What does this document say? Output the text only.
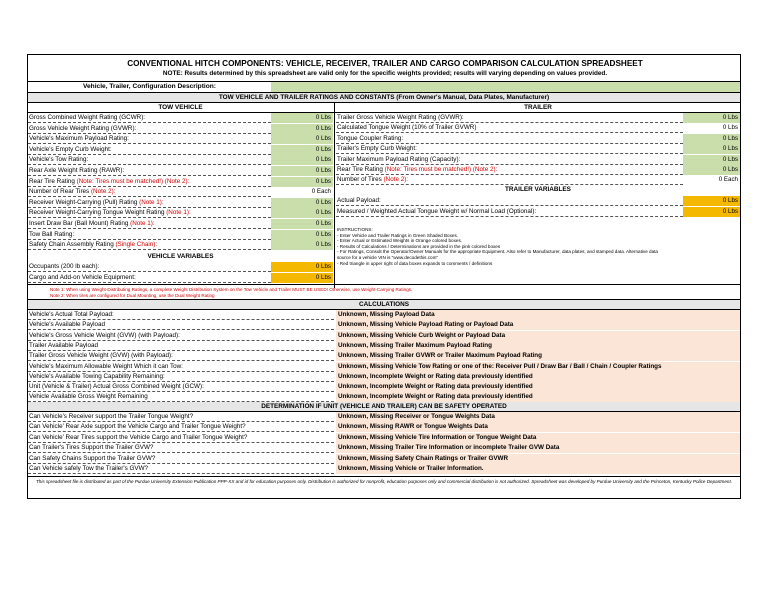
CONVENTIONAL HITCH COMPONENTS: VEHICLE, RECEIVER, TRAILER AND CARGO COMPARISON CALCULATION SPREADSHEET
NOTE: Results determined by this spreadsheet are valid only for the specific weights provided; results will varying depending on values provided.
Vehicle, Trailer, Configuration Description:
TOW VEHICLE AND TRAILER RATINGS AND CONSTANTS (From Owner's Manual, Data Plates, Manufacturer)
TOW VEHICLE	TRAILER
VEHICLE VARIABLES
TRAILER VARIABLES
INSTRUCTIONS:
- Enter Vehicle and Trailer Ratings in Green Shaded Boxes.
- Enter Actual or Estimated Weights in Orange colored boxes.
- Results of Calculations / Determinations are provided in the pink colored boxes
- For Ratings, Consult the Operator/Owner Manuals for the appropriate Equipment. Also refer to Manufacturer, data plates, and stamped data. Alternative data
source for a vehicle VIN is "www.decodethis.com"
- Red triangle in upper right of data boxes expands to comments / definitions
Note 1: When using Weight-Distributing Ratings, a complete Weight Distribution System on the Tow Vehicle and Trailer MUST BE USED! Otherwise, use Weight-Carrying Ratings.
Note 2: When tires are configured for Dual Mounting, use the Dual Weight Rating
CALCULATIONS
DETERMINATION IF UNIT (VEHICLE AND TRAILER) CAN BE SAFETY OPERATED
This spreadsheet file is distributed as part of the Purdue University Extension Publication PPP-XX and id for education purposes only. Distribution is authorized for nonprofit, education purposes only and commercial distribution is not authorized. Spreadsheet was developed by Purdue University and the Princeton, Kentucky Police Department.
Gross Combined Weight Rating (GCWR):	0 Lbs
Gross Vehicle Weight Rating (GVWR):	0 Lbs
Vehicle's Maximum Payload Rating:	0 Lbs
Vehicle's Empty Curb Weight:	0 Lbs
Vehicle's Tow Rating:	0 Lbs
Rear Axle Weight Rating (RAWR):	0 Lbs
Rear Tire Rating (Note: Tires must be matched!) (Note 2):	0 Lbs
Number of Rear Tires (Note 2):	0 Each
Receiver Weight-Carrying (Pull) Rating (Note 1):	0 Lbs
Receiver Weight-Carrying Tongue Weight Rating (Note 1):	0 Lbs
Insert Draw Bar (Ball Mount) Rating (Note 1):	0 Lbs
Tow Ball Rating:	0 Lbs
Safety Chain Assembly Rating (Single Chain):	0 Lbs
Occupants (200 lb each):	0 Lbs
Cargo and Add-on Vehicle Equipment:	0 Lbs
Trailer Gross Vehicle Weight Rating (GVWR):	0 Lbs
Calculated Tongue Weight (10% of Trailer GVWR)	0 Lbs
Tongue Coupler Rating:	0 Lbs
Trailer's Empty Curb Weight:	0 Lbs
Trailer Maximum Payload Rating (Capacity):	0 Lbs
Rear Tire Rating (Note: Tires must be matched!) (Note 2):	0 Lbs
Number of Tires (Note 2):	0 Each
Actual Payload:	0 Lbs
Measured / Weighted Actual Tongue Weight w/ Normal Load (Optional):	0 Lbs
Vehicle's Actual Total Payload:	Unknown, Missing Payload Data
Vehicle's Available Payload	Unknown, Missing Vehicle Payload Rating or Payload Data
Vehicle's Gross Vehicle Weight (GVW) (with Payload):	Unknown, Missing Vehicle Curb Weight or Payload Data
Trailer Available Payload	Unknown, Missing Trailer Maximum Payload Rating
Trailer Gross Vehicle Weight (GVW) (with Payload):	Unknown, Missing Trailer GVWR or Trailer Maximum Payload Rating
Vehicle's Maximum Allowable Weight Which it can Tow:	Unknown, Missing Vehicle Tow Rating or one of the: Receiver Pull / Draw Bar / Ball / Chain / Coupler Ratings
Vehicle's Available Towing Capability Remaining:	Unknown, Incomplete Weight or Rating data previously identified
Unit (Vehicle & Trailer) Actual Gross Combined Weight (GCW):	Unknown, Incomplete Weight or Rating data previously identified
Vehicle Available Gross Weight Remaining	Unknown, Incomplete Weight or Rating data previously identified
Can Vehicle's Receiver support the Trailer Tongue Weight?	Unknown, Missing Receiver or Tongue Weights Data
Can Vehicle' Rear Axle support the Vehicle Cargo and Trailer Tongue Weight?	Unknown, Missing RAWR or Tongue Weights Data
Can Vehicle' Rear Tires support the Vehicle Cargo and Trailer Tongue Weight?	Unknown, Missing Vehicle Tire Information or Tongue Weight Data
Can Trailer's Tires Support the Trailer GVW?	Unknown, Missing Trailer Tire Information or incomplete Trailer GVW Data
Can Safety Chains Support the Trailer GVW?	Unknown, Missing Safety Chain Ratings or Trailer GVWR
Can Vehicle safely Tow the Trailer's GVW?	Unknown, Missing Vehicle or Trailer Information.
